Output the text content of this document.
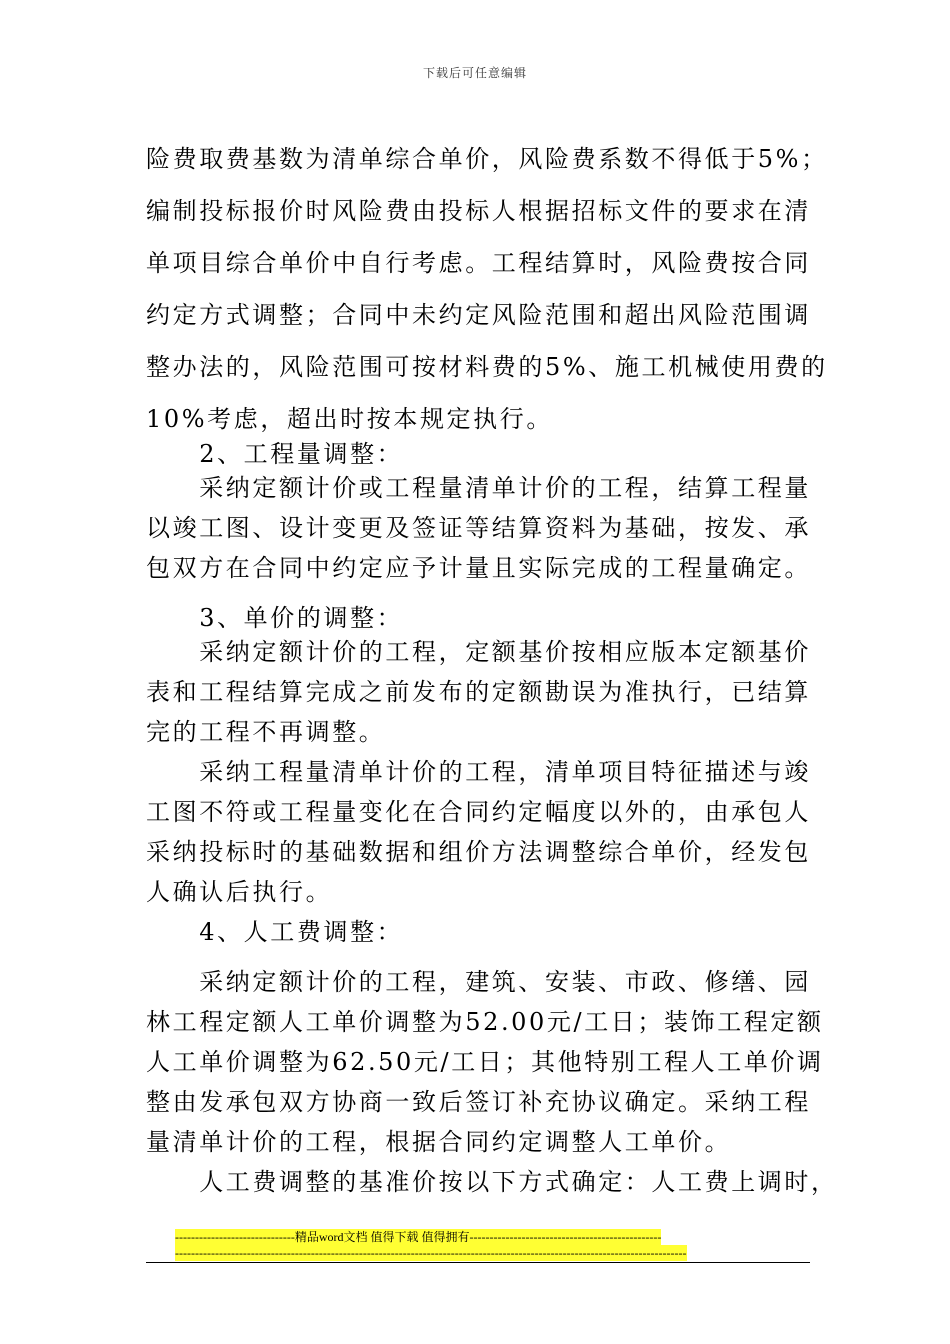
下载后可任意编辑
险费取费基数为清单综合单价，风险费系数不得低于5%；
编制投标报价时风险费由投标人根据招标文件的要求在清
单项目综合单价中自行考虑。工程结算时，风险费按合同
约定方式调整；合同中未约定风险范围和超出风险范围调
整办法的，风险范围可按材料费的5%、施工机械使用费的
10%考虑，超出时按本规定执行。
　　2、工程量调整：
　　采纳定额计价或工程量清单计价的工程，结算工程量
以竣工图、设计变更及签证等结算资料为基础，按发、承
包双方在合同中约定应予计量且实际完成的工程量确定。
　　3、单价的调整：
　　采纳定额计价的工程，定额基价按相应版本定额基价
表和工程结算完成之前发布的定额勘误为准执行，已结算
完的工程不再调整。
　　采纳工程量清单计价的工程，清单项目特征描述与竣
工图不符或工程量变化在合同约定幅度以外的，由承包人
采纳投标时的基础数据和组价方法调整综合单价，经发包
人确认后执行。
　　4、人工费调整：
　　采纳定额计价的工程，建筑、安装、市政、修缮、园
林工程定额人工单价调整为52.00元/工日；装饰工程定额
人工单价调整为62.50元/工日；其他特别工程人工单价调
整由发承包双方协商一致后签订补充协议确定。采纳工程
量清单计价的工程，根据合同约定调整人工单价。
　　人工费调整的基准价按以下方式确定：人工费上调时，
------------------------------精品word文档 值得下载 值得拥有------------------------------------------------
--------------------------------------------------------------------------------------------------------------------------------
